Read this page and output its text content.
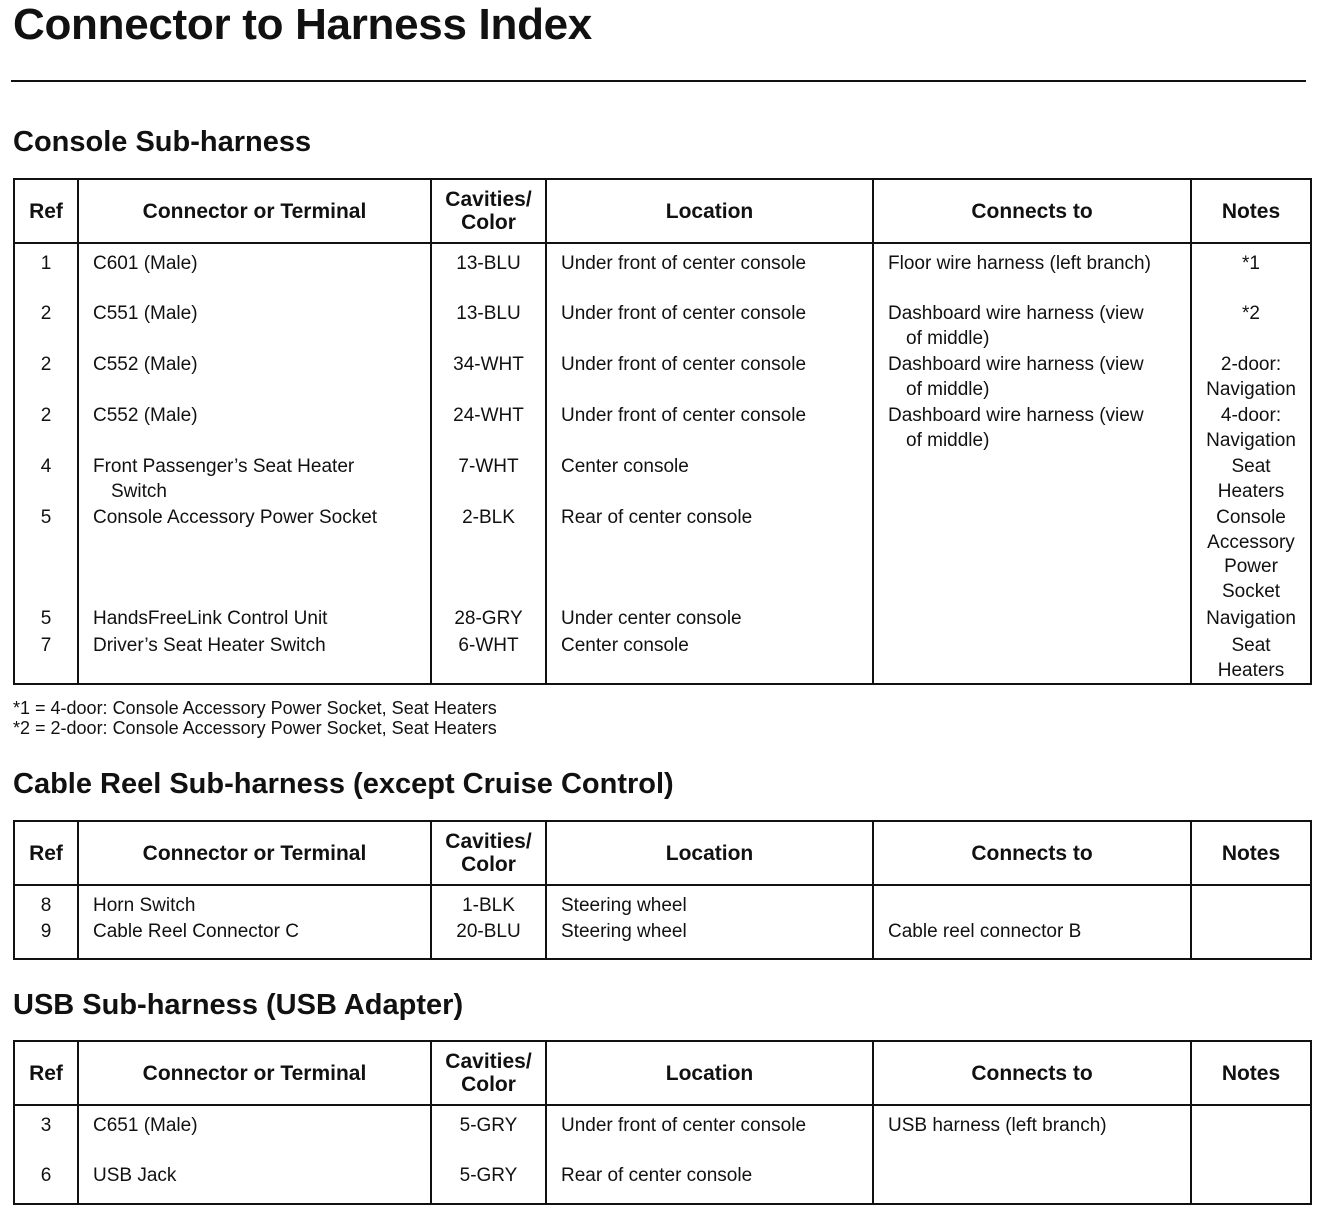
Connector to Harness Index
Console Sub-harness
Ref	Connector or Terminal	Cavities/ Color	Location	Connects to	Notes
1	C601 (Male)	13-BLU	Under front of center console	Floor wire harness (left branch)	*1
2	C551 (Male)	13-BLU	Under front of center console	Dashboard wire harness (view of middle)	*2
2	C552 (Male)	34-WHT	Under front of center console	Dashboard wire harness (view of middle)	2-door: Navigation
2	C552 (Male)	24-WHT	Under front of center console	Dashboard wire harness (view of middle)	4-door: Navigation
4	Front Passenger’s Seat Heater Switch	7-WHT	Center console		Seat Heaters
5	Console Accessory Power Socket	2-BLK	Rear of center console		Console Accessory Power Socket
5	HandsFreeLink Control Unit	28-GRY	Under center console		Navigation
7	Driver’s Seat Heater Switch	6-WHT	Center console		Seat Heaters
*1 = 4-door: Console Accessory Power Socket, Seat Heaters
*2 = 2-door: Console Accessory Power Socket, Seat Heaters
Cable Reel Sub-harness (except Cruise Control)
Ref	Connector or Terminal	Cavities/ Color	Location	Connects to	Notes
8	Horn Switch	1-BLK	Steering wheel	

9	Cable Reel Connector C	20-BLU	Steering wheel	Cable reel connector B	

USB Sub-harness (USB Adapter)
Ref	Connector or Terminal	Cavities/ Color	Location	Connects to	Notes
3	C651 (Male)	5-GRY	Under front of center console	USB harness (left branch)	

6	USB Jack	5-GRY	Rear of center console	
